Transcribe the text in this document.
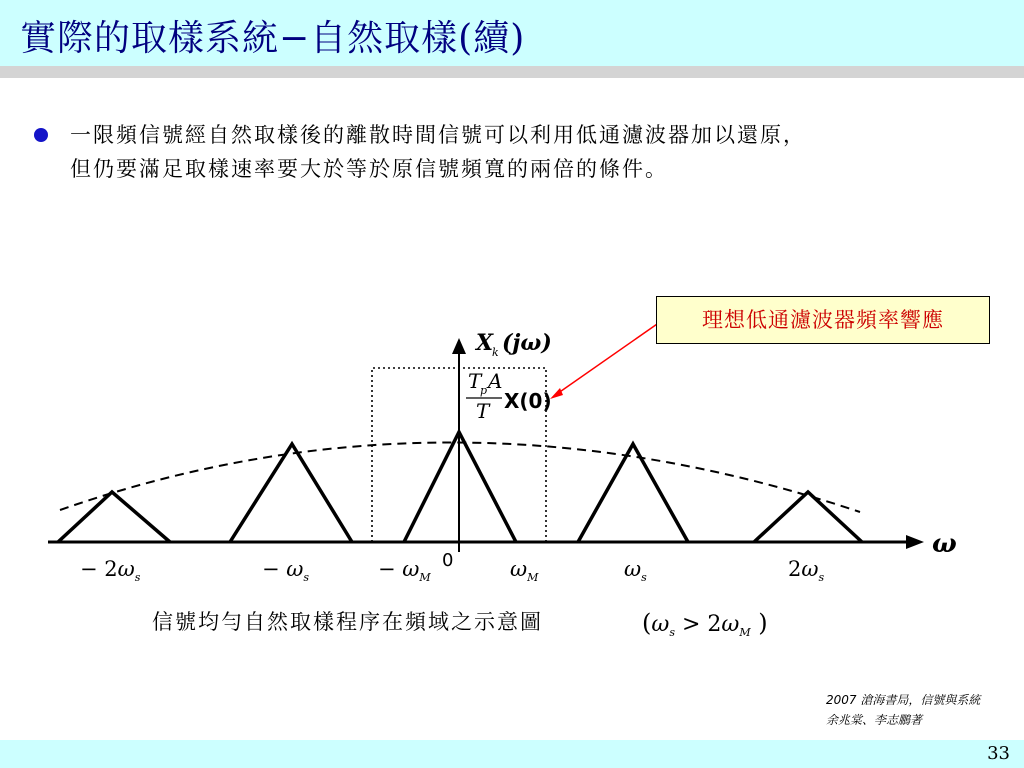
實際的取樣系統−自然取樣(續)
一限頻信號經自然取樣後的離散時間信號可以利用低通濾波器加以還原，
但仍要滿足取樣速率要大於等於原信號頻寬的兩倍的條件。
X
k (jω)
ω
T
p A
T X(0)
0
− $2\omega_s$	− $\omega_s$	− $\omega_M$	$\omega_M$	$\omega_s$	$2\omega_s$
理想低通濾波器頻率響應
信號均勻自然取樣程序在頻域之示意圖	($\omega_s > 2\omega_M$ )
2007 滄海書局，信號與系統
余兆棠、李志鵬著
33
